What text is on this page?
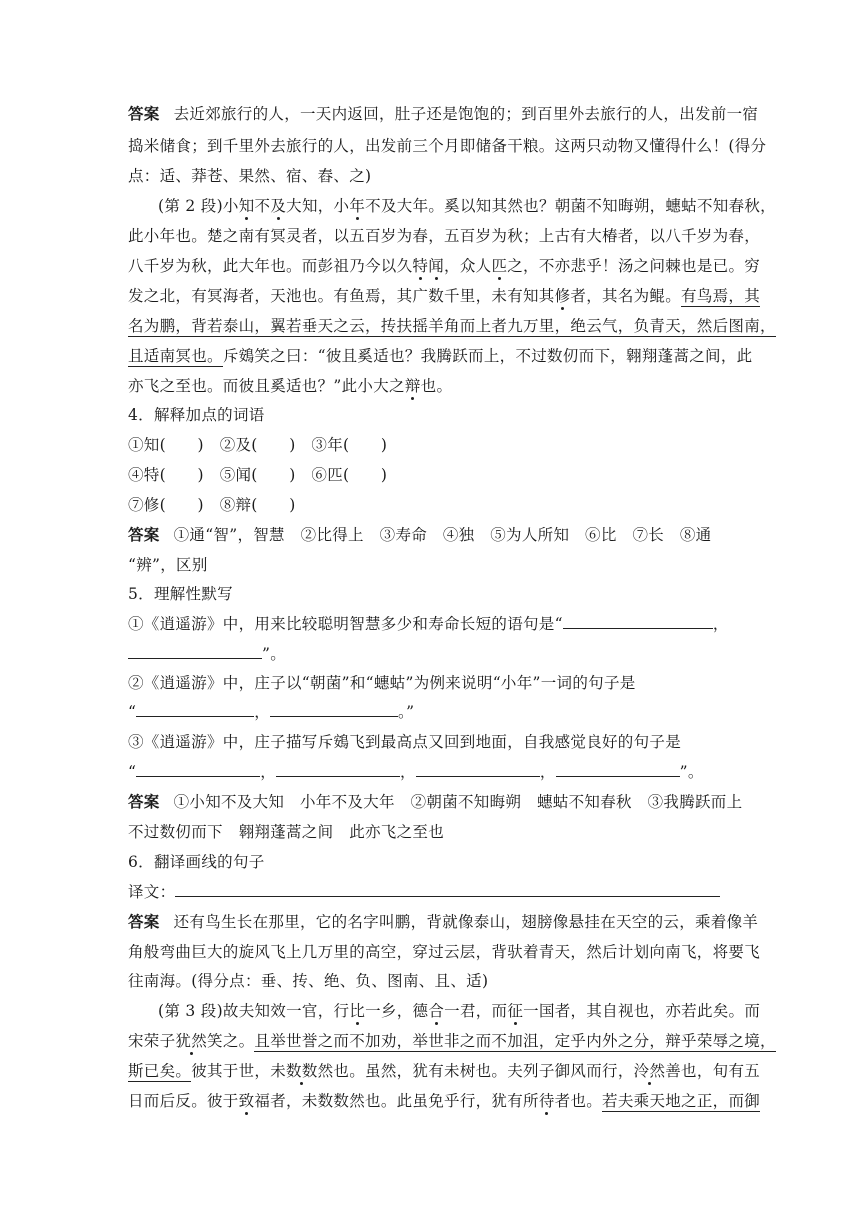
答案 去近郊旅行的人，一天内返回，肚子还是饱饱的；到百里外去旅行的人，出发前一宿
捣米储食；到千里外去旅行的人，出发前三个月即储备干粮。这两只动物又懂得什么！(得分
点：适、莽苍、果然、宿、舂、之)
(第 2 段)小知不及大知，小年不及大年。奚以知其然也？朝菌不知晦朔，蟪蛄不知春秋，
此小年也。楚之南有冥灵者，以五百岁为春，五百岁为秋；上古有大椿者，以八千岁为春，
八千岁为秋，此大年也。而彭祖乃今以久特闻，众人匹之，不亦悲乎！汤之问棘也是已。穷
发之北，有冥海者，天池也。有鱼焉，其广数千里，未有知其修者，其名为鲲。有鸟焉，其
名为鹏，背若泰山，翼若垂天之云，抟扶摇羊角而上者九万里，绝云气，负青天，然后图南，
且适南冥也。斥鴳笑之曰：“彼且奚适也？我腾跃而上，不过数仞而下，翱翔蓬蒿之间，此
亦飞之至也。而彼且奚适也？”此小大之辩也。
4．解释加点的词语
①知(　　)　②及(　　)　③年(　　)
④特(　　)　⑤闻(　　)　⑥匹(　　)
⑦修(　　)　⑧辩(　　)
答案 ①通“智”，智慧　②比得上　③寿命　④独　⑤为人所知　⑥比　⑦长　⑧通
“辨”，区别
5．理解性默写
①《逍遥游》中，用来比较聪明智慧多少和寿命长短的语句是“	，
”。
②《逍遥游》中，庄子以“朝菌”和“蟪蛄”为例来说明“小年”一词的句子是
“	，	。”
③《逍遥游》中，庄子描写斥鴳飞到最高点又回到地面，自我感觉良好的句子是
“	，	，	，	”。
答案 ①小知不及大知　小年不及大年　②朝菌不知晦朔　蟪蛄不知春秋　③我腾跃而上
不过数仞而下　翱翔蓬蒿之间　此亦飞之至也
6．翻译画线的句子
译文：
答案 还有鸟生长在那里，它的名字叫鹏，背就像泰山，翅膀像悬挂在天空的云，乘着像羊
角般弯曲巨大的旋风飞上几万里的高空，穿过云层，背驮着青天，然后计划向南飞，将要飞
往南海。(得分点：垂、抟、绝、负、图南、且、适)
(第 3 段)故夫知效一官，行比一乡，德合一君，而征一国者，其自视也，亦若此矣。而
宋荣子犹然笑之。且举世誉之而不加劝，举世非之而不加沮，定乎内外之分，辩乎荣辱之境，
斯已矣。彼其于世，未数数然也。虽然，犹有未树也。夫列子御风而行，泠然善也，旬有五
日而后反。彼于致福者，未数数然也。此虽免乎行，犹有所待者也。若夫乘天地之正，而御
